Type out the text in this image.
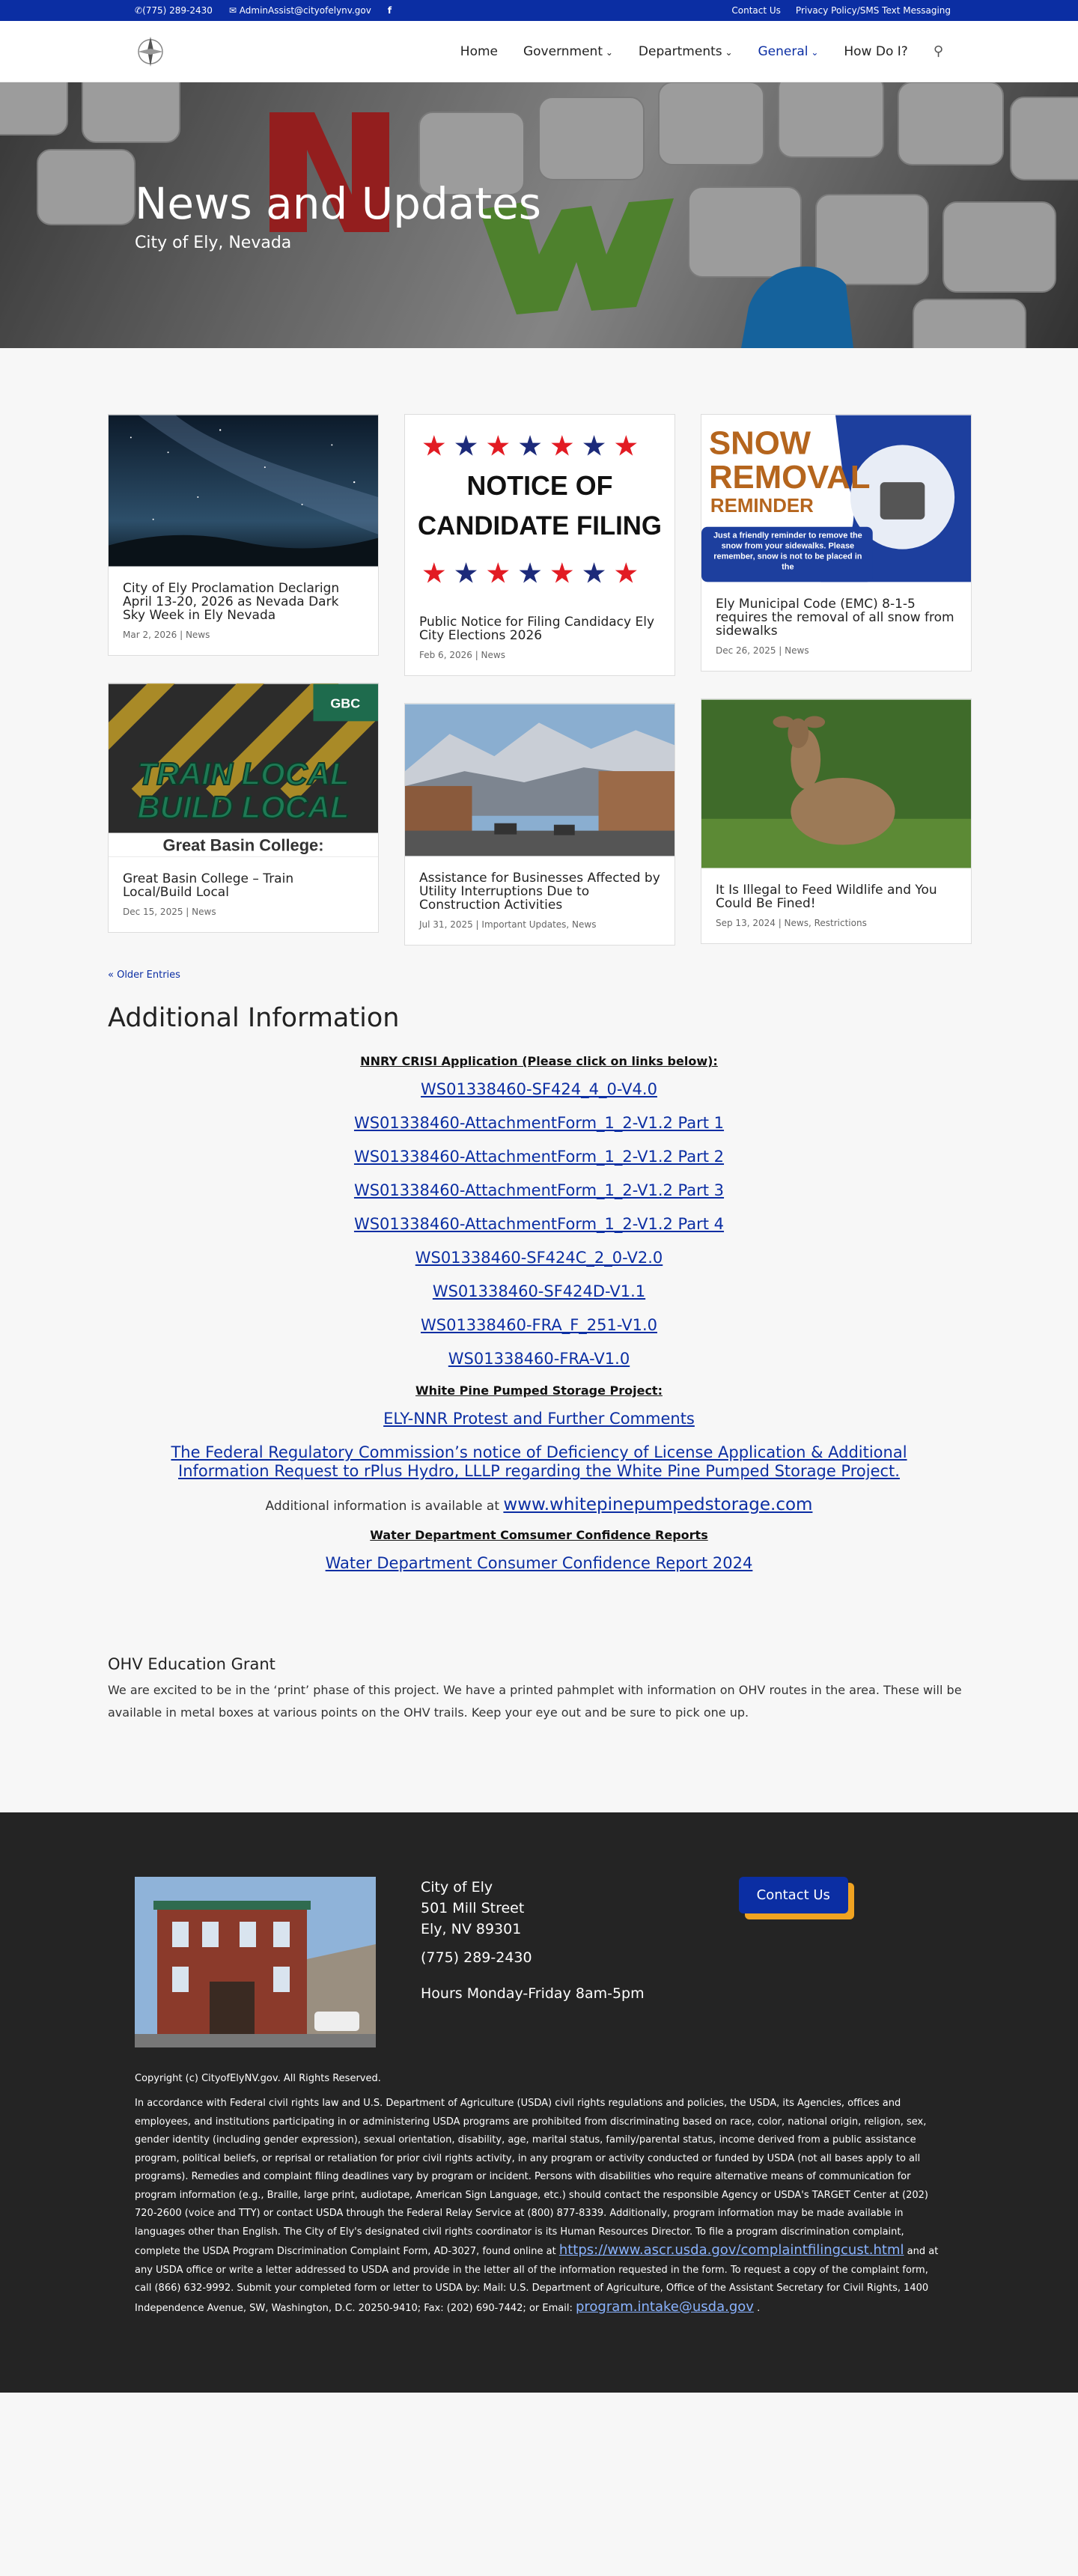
✆(775) 289-2430 ✉ AdminAssist@cityofelynv.gov f	Contact Us Privacy Policy/SMS Text Messaging
Home Government ⌄	Departments ⌄	General ⌄	How Do I? ⚲
News and Updates

City of Ely, Nevada

City of Ely Proclamation Declarign April 13-20, 2026 as Nevada Dark Sky Week in Ely Nevada
Mar 2, 2026 | News
GBC
TRAIN LOCAL
BUILD LOCAL
Great Basin College:
Great Basin College – Train Local/Build Local
Dec 15, 2025 | News
★ ★ ★ ★ ★ ★ ★
★ ★ ★ ★ ★ ★ ★
NOTICE OF
CANDIDATE FILING
Public Notice for Filing Candidacy Ely City Elections 2026
Feb 6, 2026 | News
Assistance for Businesses Affected by Utility Interruptions Due to Construction Activities
Jul 31, 2025 | Important Updates, News
SNOW
REMOVAL
REMINDER
Just a friendly reminder to remove the snow from your sidewalks. Please remember, snow is not to be placed in the
Ely Municipal Code (EMC) 8-1-5 requires the removal of all snow from sidewalks
Dec 26, 2025 | News
It Is Illegal to Feed Wildlife and You Could Be Fined!
Sep 13, 2024 | News, Restrictions
« Older Entries
Additional Information
NNRY CRISI Application (Please click on links below):
WS01338460-SF424_4_0-V4.0
WS01338460-AttachmentForm_1_2-V1.2 Part 1
WS01338460-AttachmentForm_1_2-V1.2 Part 2
WS01338460-AttachmentForm_1_2-V1.2 Part 3
WS01338460-AttachmentForm_1_2-V1.2 Part 4
WS01338460-SF424C_2_0-V2.0
WS01338460-SF424D-V1.1
WS01338460-FRA_F_251-V1.0
WS01338460-FRA-V1.0
White Pine Pumped Storage Project:
ELY-NNR Protest and Further Comments
The Federal Regulatory Commission’s notice of Deficiency of License Application & Additional Information Request to rPlus Hydro, LLLP regarding the White Pine Pumped Storage Project.
Additional information is available at www.whitepinepumpedstorage.com
Water Department Comsumer Confidence Reports
Water Department Consumer Confidence Report 2024
OHV Education Grant

We are excited to be in the ‘print’ phase of this project. We have a printed pahmplet with information on OHV routes in the area. These will be available in metal boxes at various points on the OHV trails. Keep your eye out and be sure to pick one up.

City of Ely
501 Mill Street
Ely, NV 89301
(775) 289-2430
Hours Monday-Friday 8am-5pm
Contact Us
Copyright (c) CityofElyNV.gov. All Rights Reserved.
In accordance with Federal civil rights law and U.S. Department of Agriculture (USDA) civil rights regulations and policies, the USDA, its Agencies, offices and employees, and institutions participating in or administering USDA programs are prohibited from discriminating based on race, color, national origin, religion, sex, gender identity (including gender expression), sexual orientation, disability, age, marital status, family/parental status, income derived from a public assistance program, political beliefs, or reprisal or retaliation for prior civil rights activity, in any program or activity conducted or funded by USDA (not all bases apply to all programs). Remedies and complaint filing deadlines vary by program or incident. Persons with disabilities who require alternative means of communication for program information (e.g., Braille, large print, audiotape, American Sign Language, etc.) should contact the responsible Agency or USDA's TARGET Center at (202) 720-2600 (voice and TTY) or contact USDA through the Federal Relay Service at (800) 877-8339. Additionally, program information may be made available in languages other than English. The City of Ely's designated civil rights coordinator is its Human Resources Director. To file a program discrimination complaint, complete the USDA Program Discrimination Complaint Form, AD-3027, found online at https://www.ascr.usda.gov/complaintfilingcust.html and at any USDA office or write a letter addressed to USDA and provide in the letter all of the information requested in the form. To request a copy of the complaint form, call (866) 632-9992. Submit your completed form or letter to USDA by: Mail: U.S. Department of Agriculture, Office of the Assistant Secretary for Civil Rights, 1400 Independence Avenue, SW, Washington, D.C. 20250-9410; Fax: (202) 690-7442; or Email: program.intake@usda.gov .
